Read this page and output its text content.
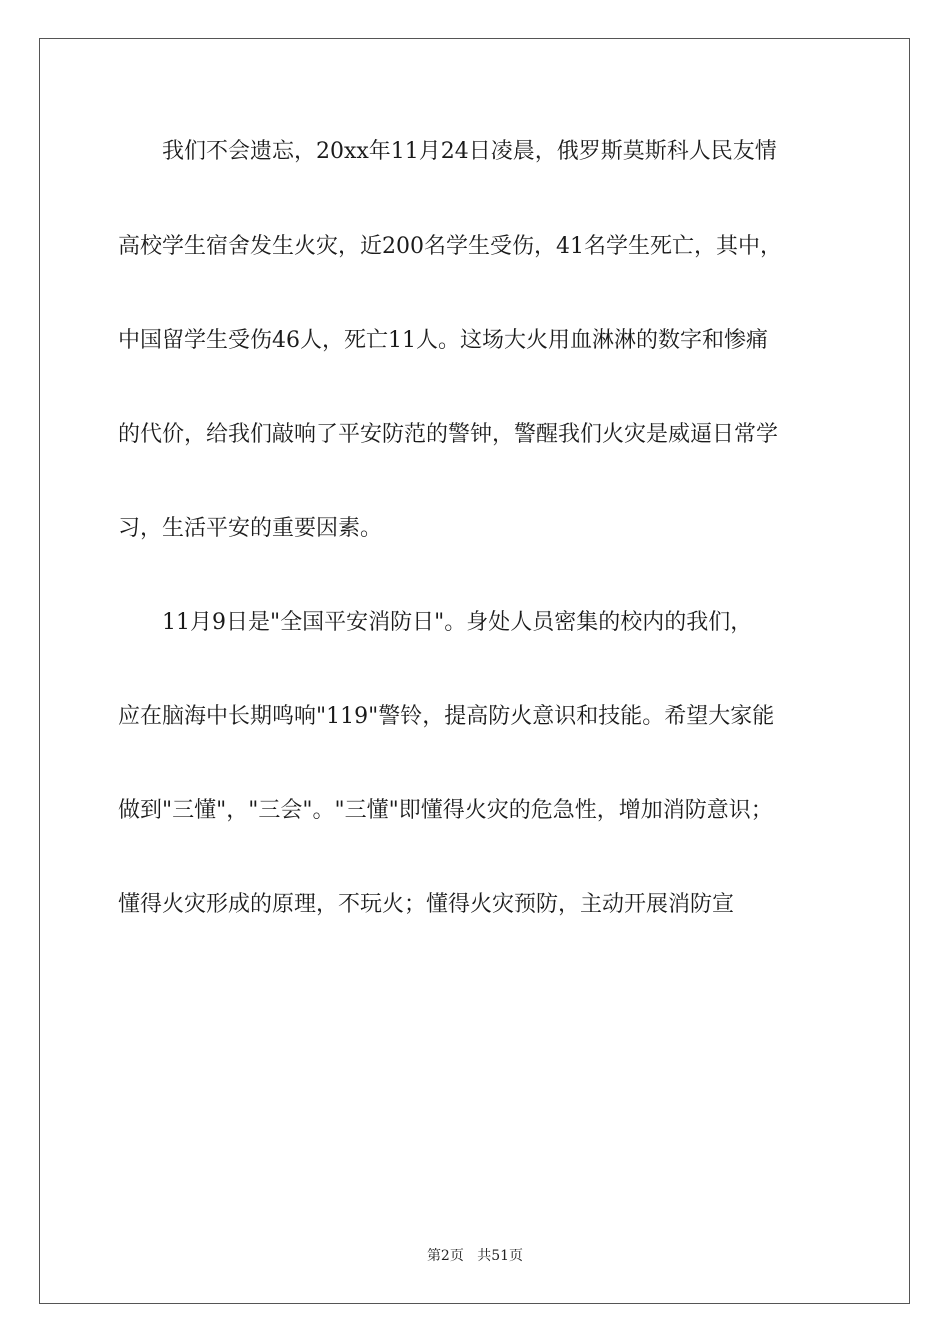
　　我们不会遗忘，20xx年11月24日凌晨，俄罗斯莫斯科人民友情
高校学生宿舍发生火灾，近200名学生受伤，41名学生死亡，其中，
中国留学生受伤46人，死亡11人。这场大火用血淋淋的数字和惨痛
的代价，给我们敲响了平安防范的警钟，警醒我们火灾是威逼日常学
习，生活平安的重要因素。
　　11月9日是"全国平安消防日"。身处人员密集的校内的我们，
应在脑海中长期鸣响"119"警铃，提高防火意识和技能。希望大家能
做到"三懂"，"三会"。"三懂"即懂得火灾的危急性，增加消防意识；
懂得火灾形成的原理，不玩火；懂得火灾预防，主动开展消防宣
第2页 共51页
